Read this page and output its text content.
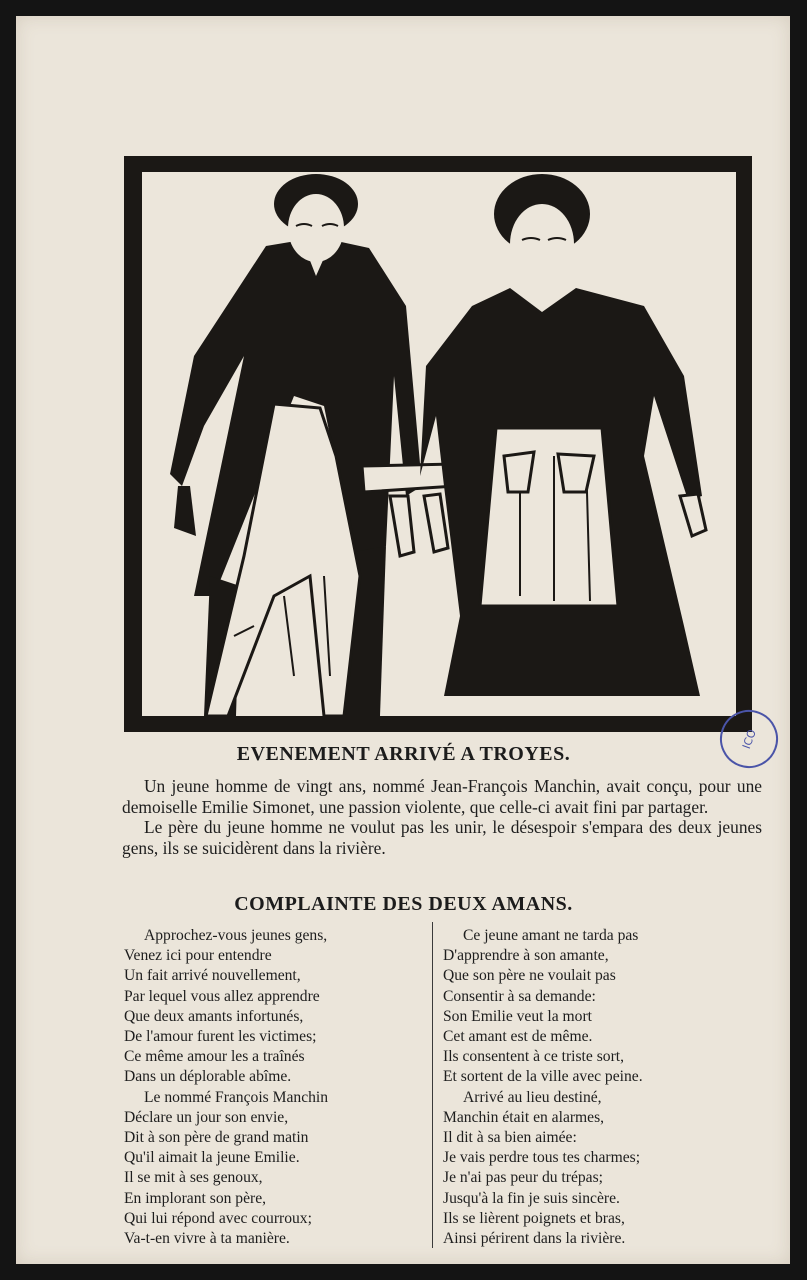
ICO
EVENEMENT ARRIVÉ A TROYES.

Un jeune homme de vingt ans, nommé Jean-François Manchin, avait conçu, pour une demoiselle Emilie Simonet, une passion violente, que celle-ci avait fini par partager.

Le père du jeune homme ne voulut pas les unir, le désespoir s'empara des deux jeunes gens, ils se suicidèrent dans la rivière.

COMPLAINTE DES DEUX AMANS.
Approchez-vous jeunes gens,
Venez ici pour entendre
Un fait arrivé nouvellement,
Par lequel vous allez apprendre
Que deux amants infortunés,
De l'amour furent les victimes;
Ce même amour les a traînés
Dans un déplorable abîme.
Le nommé François Manchin
Déclare un jour son envie,
Dit à son père de grand matin
Qu'il aimait la jeune Emilie.
Il se mit à ses genoux,
En implorant son père,
Qui lui répond avec courroux;
Va-t-en vivre à ta manière.
Ce jeune amant ne tarda pas
D'apprendre à son amante,
Que son père ne voulait pas
Consentir à sa demande:
Son Emilie veut la mort
Cet amant est de même.
Ils consentent à ce triste sort,
Et sortent de la ville avec peine.
Arrivé au lieu destiné,
Manchin était en alarmes,
Il dit à sa bien aimée:
Je vais perdre tous tes charmes;
Je n'ai pas peur du trépas;
Jusqu'à la fin je suis sincère.
Ils se lièrent poignets et bras,
Ainsi périrent dans la rivière.
